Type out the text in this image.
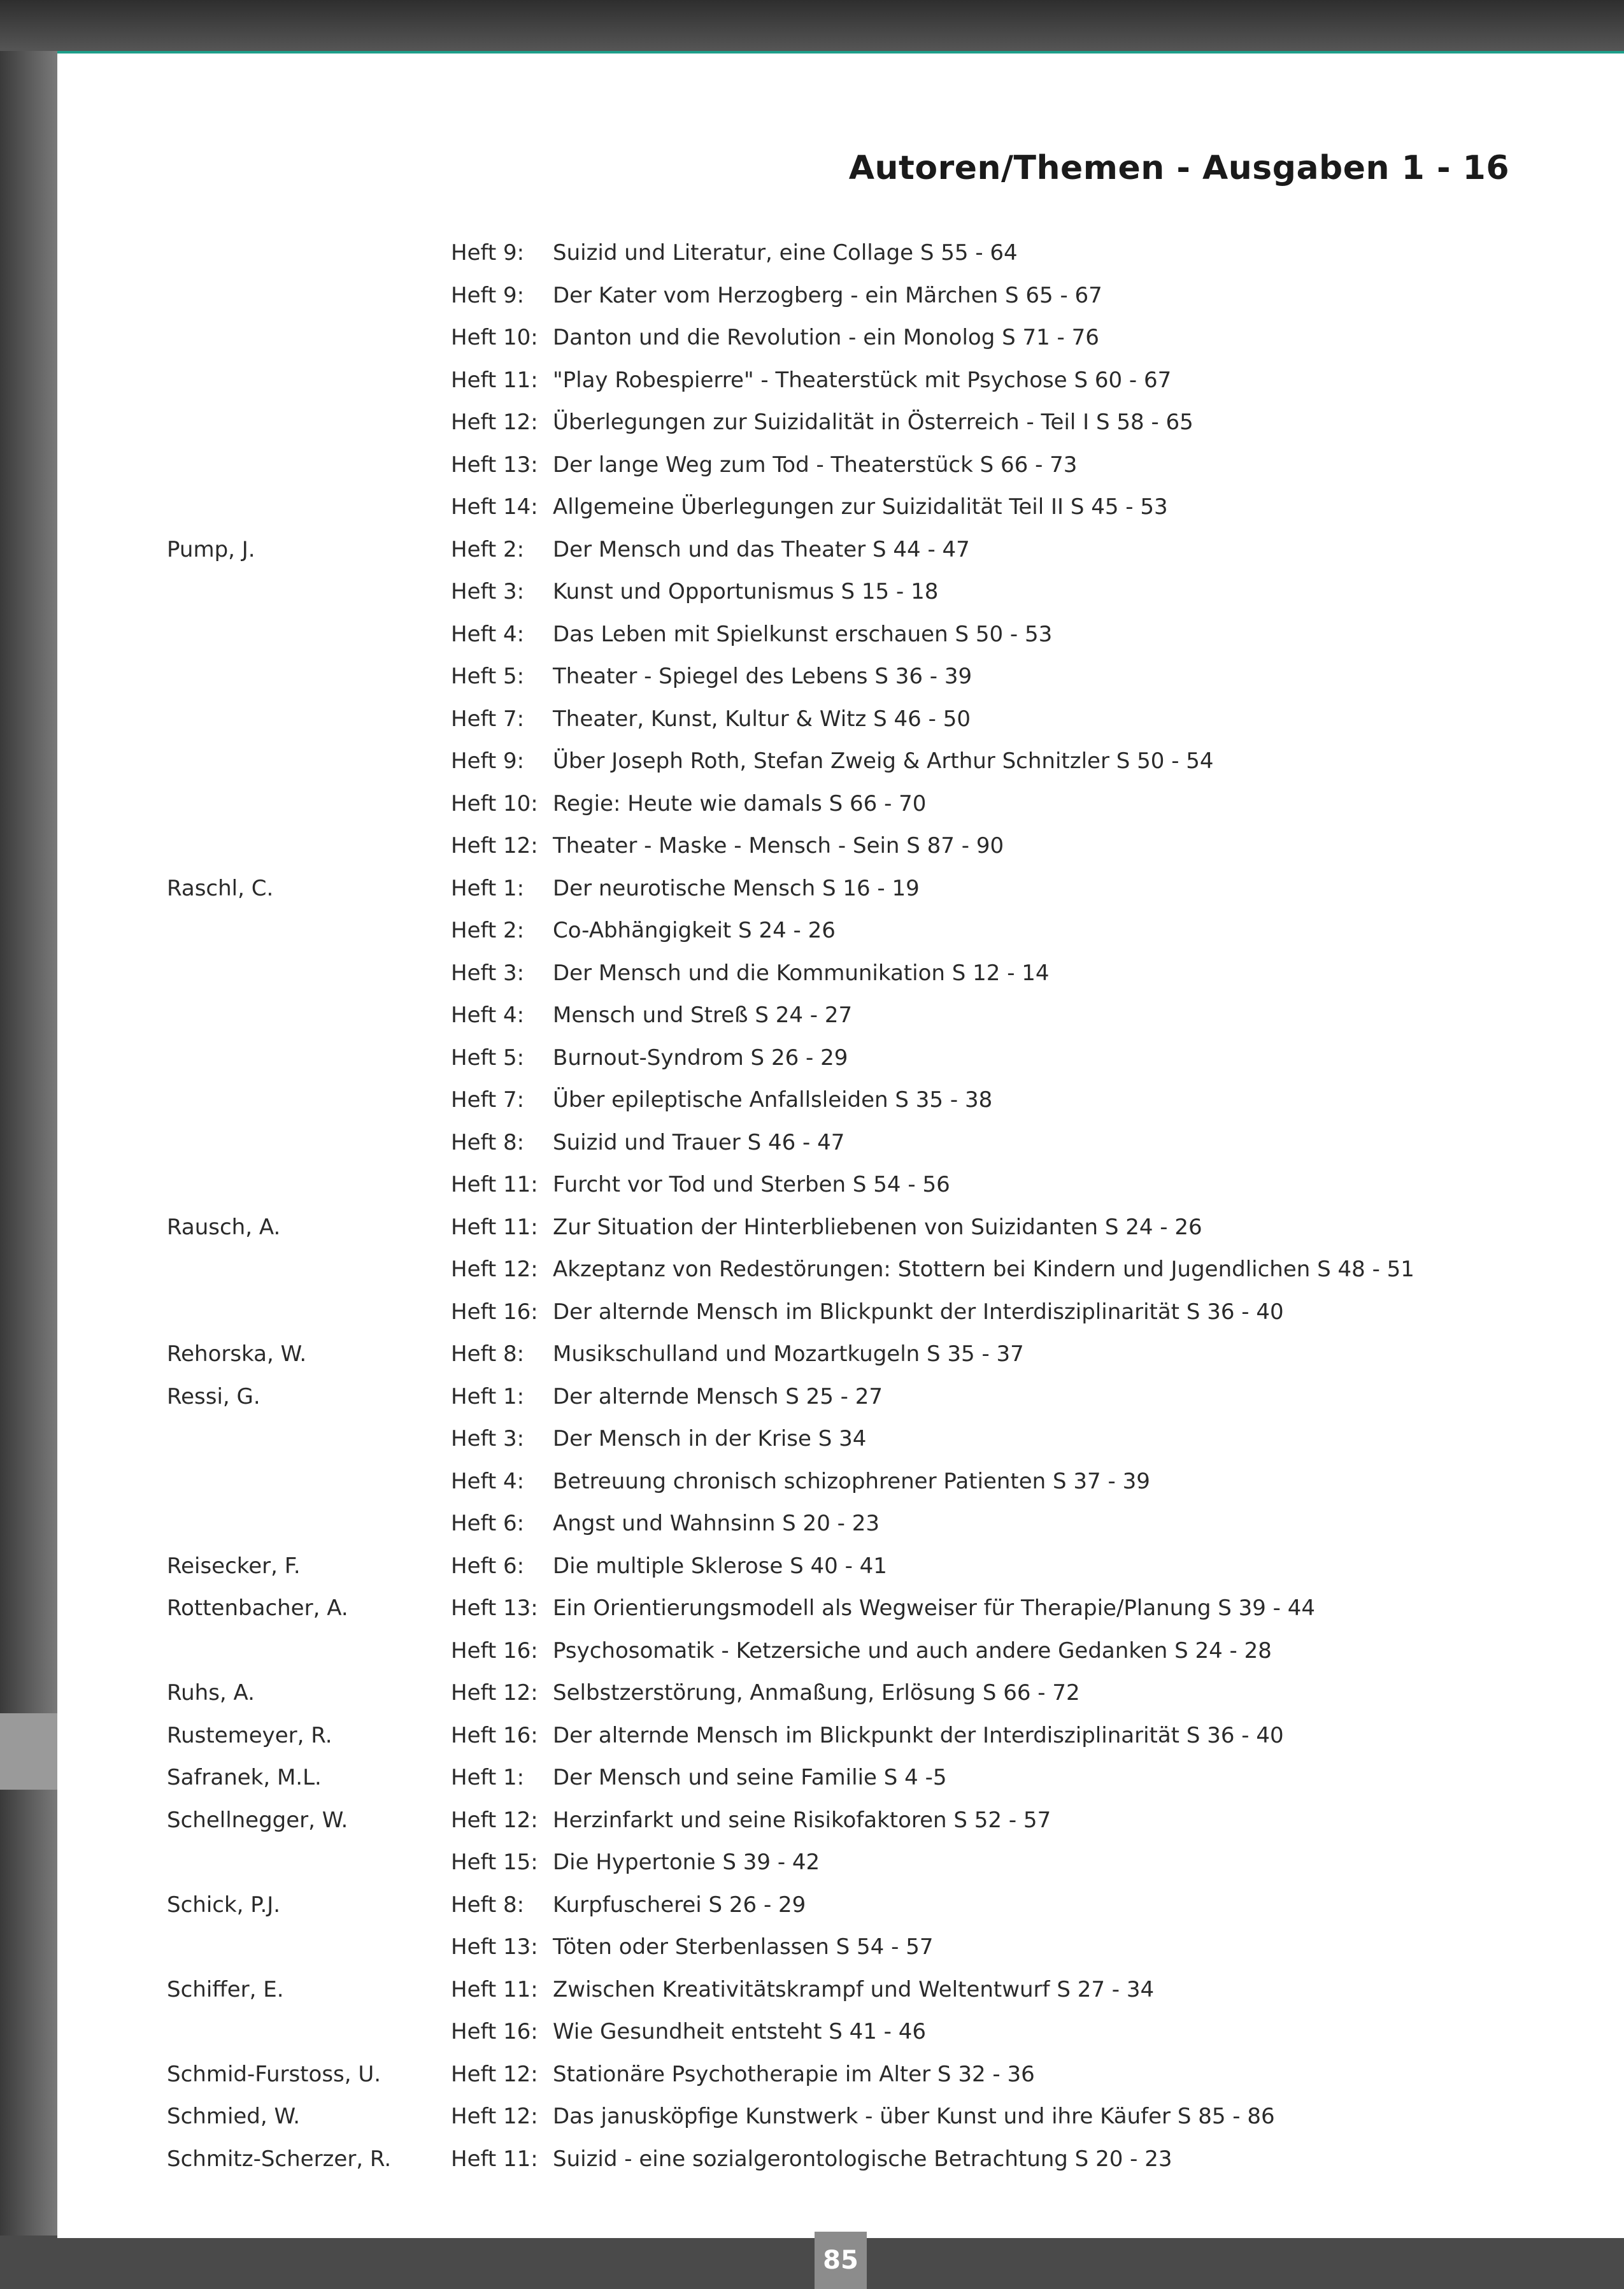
Autoren/Themen - Ausgaben 1 - 16
Heft 9: Suizid und Literatur, eine Collage S 55 - 64
Heft 9: Der Kater vom Herzogberg - ein Märchen S 65 - 67
Heft 10: Danton und die Revolution - ein Monolog S 71 - 76
Heft 11: "Play Robespierre" - Theaterstück mit Psychose S 60 - 67
Heft 12: Überlegungen zur Suizidalität in Österreich - Teil I S 58 - 65
Heft 13: Der lange Weg zum Tod - Theaterstück S 66 - 73
Heft 14: Allgemeine Überlegungen zur Suizidalität Teil II S 45 - 53
Pump, J.	Heft 2: Der Mensch und das Theater S 44 - 47
Heft 3: Kunst und Opportunismus S 15 - 18
Heft 4: Das Leben mit Spielkunst erschauen S 50 - 53
Heft 5: Theater - Spiegel des Lebens S 36 - 39
Heft 7: Theater, Kunst, Kultur & Witz S 46 - 50
Heft 9: Über Joseph Roth, Stefan Zweig & Arthur Schnitzler S 50 - 54
Heft 10: Regie: Heute wie damals S 66 - 70
Heft 12: Theater - Maske - Mensch - Sein S 87 - 90
Raschl, C.	Heft 1: Der neurotische Mensch S 16 - 19
Heft 2: Co-Abhängigkeit S 24 - 26
Heft 3: Der Mensch und die Kommunikation S 12 - 14
Heft 4: Mensch und Streß S 24 - 27
Heft 5: Burnout-Syndrom S 26 - 29
Heft 7: Über epileptische Anfallsleiden S 35 - 38
Heft 8: Suizid und Trauer S 46 - 47
Heft 11: Furcht vor Tod und Sterben S 54 - 56
Rausch, A.	Heft 11: Zur Situation der Hinterbliebenen von Suizidanten S 24 - 26
Heft 12: Akzeptanz von Redestörungen: Stottern bei Kindern und Jugendlichen S 48 - 51
Heft 16: Der alternde Mensch im Blickpunkt der Interdisziplinarität S 36 - 40
Rehorska, W.	Heft 8: Musikschulland und Mozartkugeln S 35 - 37
Ressi, G.	Heft 1: Der alternde Mensch S 25 - 27
Heft 3: Der Mensch in der Krise S 34
Heft 4: Betreuung chronisch schizophrener Patienten S 37 - 39
Heft 6: Angst und Wahnsinn S 20 - 23
Reisecker, F.	Heft 6: Die multiple Sklerose S 40 - 41
Rottenbacher, A.	Heft 13: Ein Orientierungsmodell als Wegweiser für Therapie/Planung S 39 - 44
Heft 16: Psychosomatik - Ketzersiche und auch andere Gedanken S 24 - 28
Ruhs, A.	Heft 12: Selbstzerstörung, Anmaßung, Erlösung S 66 - 72
Rustemeyer, R.	Heft 16: Der alternde Mensch im Blickpunkt der Interdisziplinarität S 36 - 40
Safranek, M.L.	Heft 1: Der Mensch und seine Familie S 4 -5
Schellnegger, W.	Heft 12: Herzinfarkt und seine Risikofaktoren S 52 - 57
Heft 15: Die Hypertonie S 39 - 42
Schick, P.J.	Heft 8: Kurpfuscherei S 26 - 29
Heft 13: Töten oder Sterbenlassen S 54 - 57
Schiffer, E.	Heft 11: Zwischen Kreativitätskrampf und Weltentwurf S 27 - 34
Heft 16: Wie Gesundheit entsteht S 41 - 46
Schmid-Furstoss, U.	Heft 12: Stationäre Psychotherapie im Alter S 32 - 36
Schmied, W.	Heft 12: Das janusköpfige Kunstwerk - über Kunst und ihre Käufer S 85 - 86
Schmitz-Scherzer, R.	Heft 11: Suizid - eine sozialgerontologische Betrachtung S 20 - 23
85
